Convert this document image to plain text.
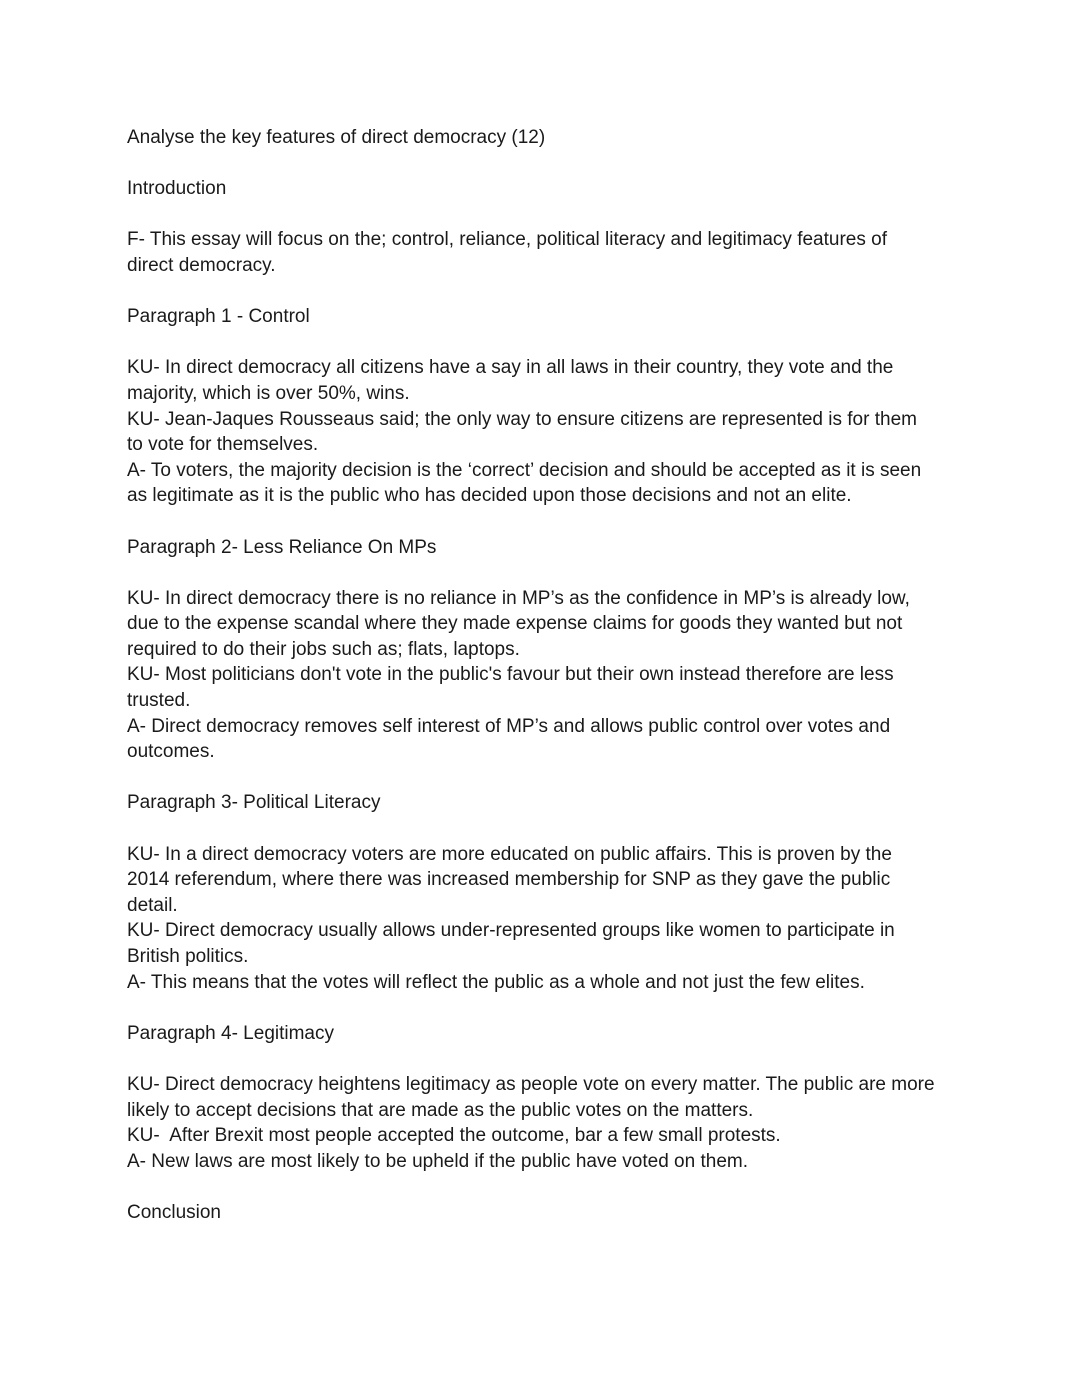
Analyse the key features of direct democracy (12)
Introduction
F- This essay will focus on the; control, reliance, political literacy and legitimacy features of
direct democracy.
Paragraph 1 - Control
KU- In direct democracy all citizens have a say in all laws in their country, they vote and the
majority, which is over 50%, wins.
KU- Jean-Jaques Rousseaus said; the only way to ensure citizens are represented is for them
to vote for themselves.
A- To voters, the majority decision is the ‘correct’ decision and should be accepted as it is seen
as legitimate as it is the public who has decided upon those decisions and not an elite.
Paragraph 2- Less Reliance On MPs
KU- In direct democracy there is no reliance in MP’s as the confidence in MP’s is already low,
due to the expense scandal where they made expense claims for goods they wanted but not
required to do their jobs such as; flats, laptops.
KU- Most politicians don't vote in the public's favour but their own instead therefore are less
trusted.
A- Direct democracy removes self interest of MP’s and allows public control over votes and
outcomes.
Paragraph 3- Political Literacy
KU- In a direct democracy voters are more educated on public affairs. This is proven by the
2014 referendum, where there was increased membership for SNP as they gave the public
detail.
KU- Direct democracy usually allows under-represented groups like women to participate in
British politics.
A- This means that the votes will reflect the public as a whole and not just the few elites.
Paragraph 4- Legitimacy
KU- Direct democracy heightens legitimacy as people vote on every matter. The public are more
likely to accept decisions that are made as the public votes on the matters.
KU-  After Brexit most people accepted the outcome, bar a few small protests.
A- New laws are most likely to be upheld if the public have voted on them.
Conclusion
